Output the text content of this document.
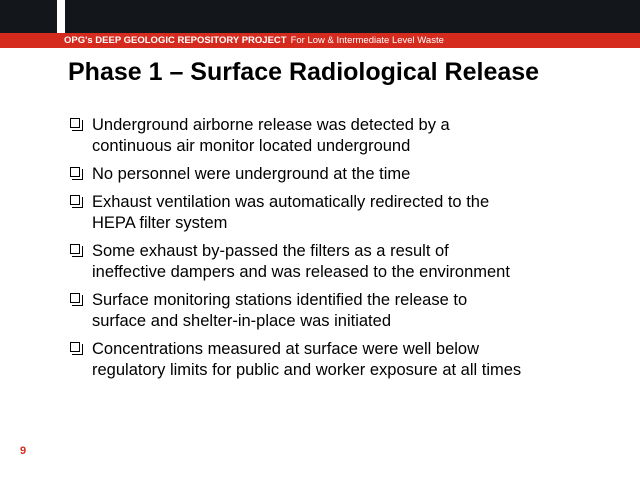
OPG's DEEP GEOLOGIC REPOSITORY PROJECT For Low & Intermediate Level Waste
Phase 1 – Surface Radiological Release
Underground airborne release was detected by a
continuous air monitor located underground
No personnel were underground at the time
Exhaust ventilation was automatically redirected to the
HEPA filter system
Some exhaust by-passed the filters as a result of
ineffective dampers and was released to the environment
Surface monitoring stations identified the release to
surface and shelter-in-place was initiated
Concentrations measured at surface were well below
regulatory limits for public and worker exposure at all times
9
